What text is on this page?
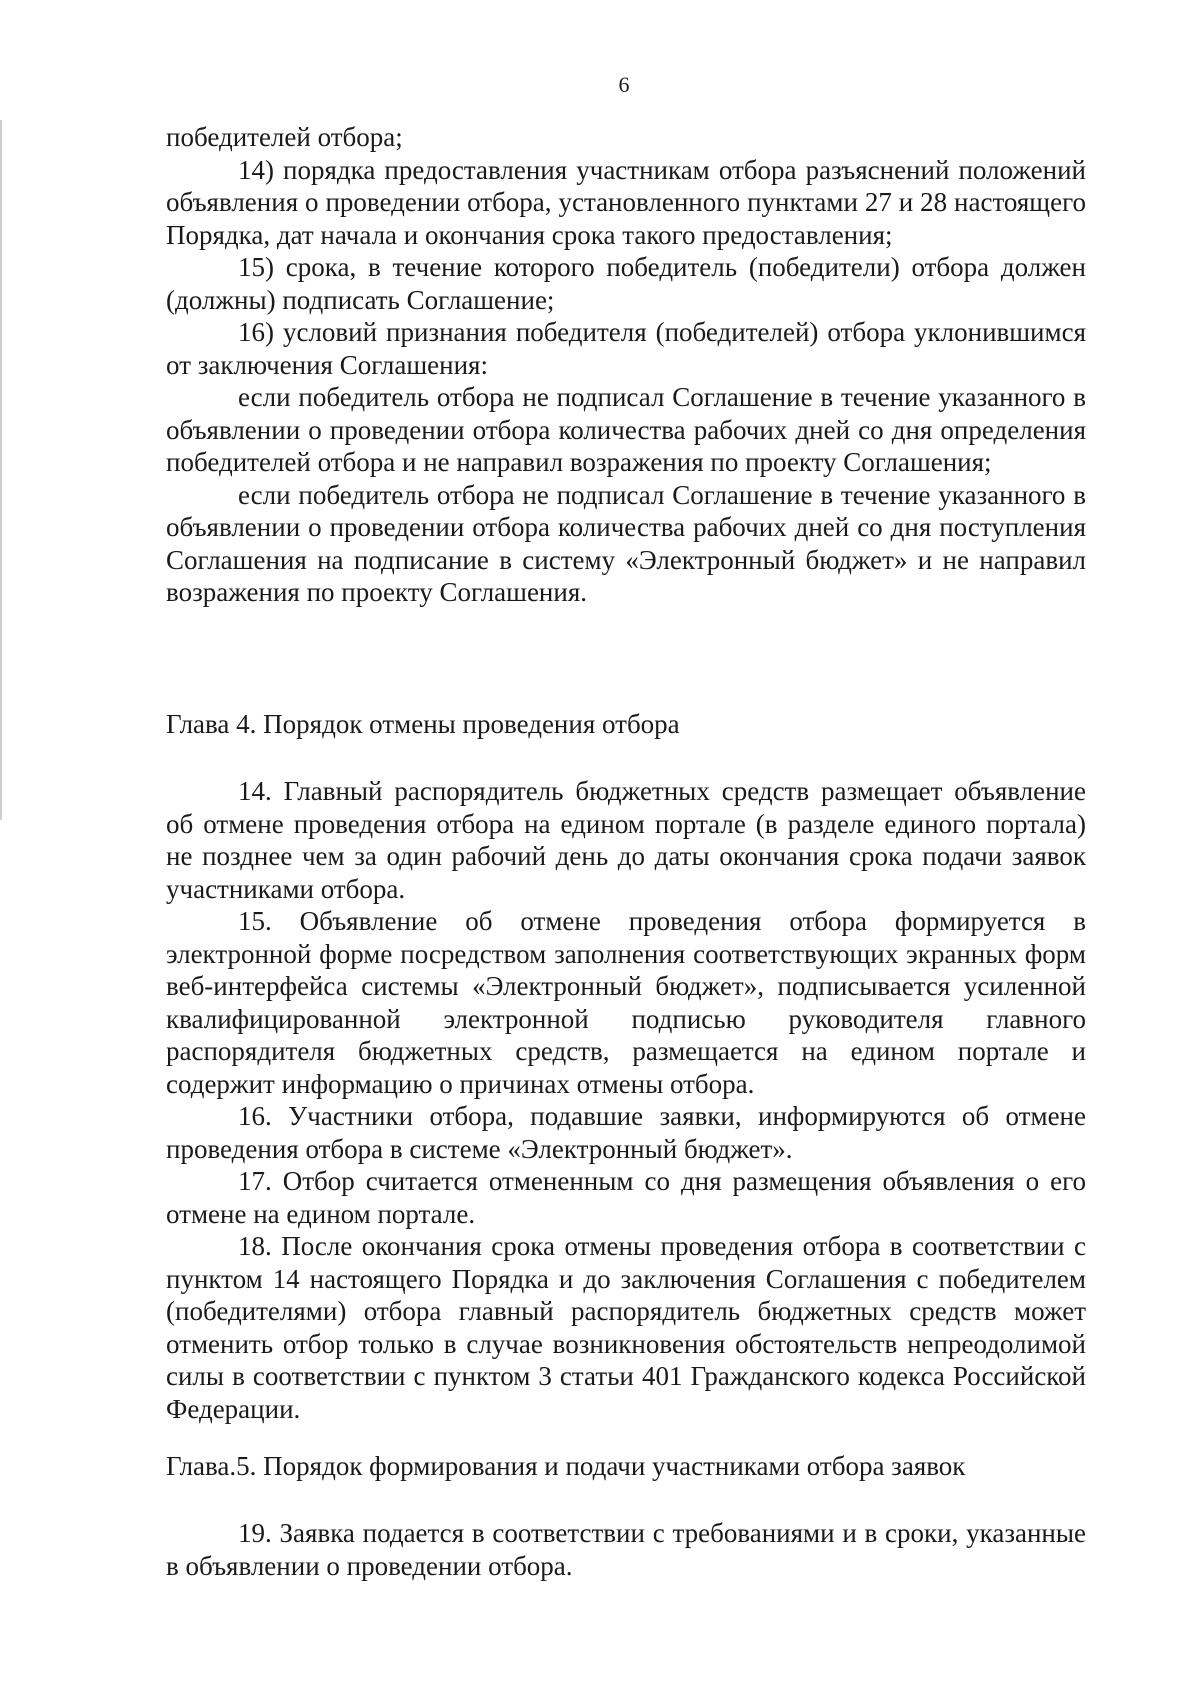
6

победителей отбора;

14) порядка предоставления участникам отбора разъяснений положений объявления о проведении отбора, установленного пунктами 27 и 28 настоящего Порядка, дат начала и окончания срока такого предоставления;

15) срока, в течение которого победитель (победители) отбора должен (должны) подписать Соглашение;

16) условий признания победителя (победителей) отбора уклонившимся от заключения Соглашения:

если победитель отбора не подписал Соглашение в течение указанного в объявлении о проведении отбора количества рабочих дней со дня определения победителей отбора и не направил возражения по проекту Соглашения;

если победитель отбора не подписал Соглашение в течение указанного в объявлении о проведении отбора количества рабочих дней со дня поступления Соглашения на подписание в систему «Электронный бюджет» и не направил возражения по проекту Соглашения.

Глава 4. Порядок отмены проведения отбора

14. Главный распорядитель бюджетных средств размещает объявление об отмене проведения отбора на едином портале (в разделе единого портала) не позднее чем за один рабочий день до даты окончания срока подачи заявок участниками отбора.

15. Объявление об отмене проведения отбора формируется в электронной форме посредством заполнения соответствующих экранных форм веб-интерфейса системы «Электронный бюджет», подписывается усиленной квалифицированной электронной подписью руководителя главного распорядителя бюджетных средств, размещается на едином портале и содержит информацию о причинах отмены отбора.

16. Участники отбора, подавшие заявки, информируются об отмене проведения отбора в системе «Электронный бюджет».

17. Отбор считается отмененным со дня размещения объявления о его отмене на едином портале.

18. После окончания срока отмены проведения отбора в соответствии с пунктом 14 настоящего Порядка и до заключения Соглашения с победителем (победителями) отбора главный распорядитель бюджетных средств может отменить отбор только в случае возникновения обстоятельств непреодолимой силы в соответствии с пунктом 3 статьи 401 Гражданского кодекса Российской Федерации.

Глава.5. Порядок формирования и подачи участниками отбора заявок

19. Заявка подается в соответствии с требованиями и в сроки, указанные в объявлении о проведении отбора.
